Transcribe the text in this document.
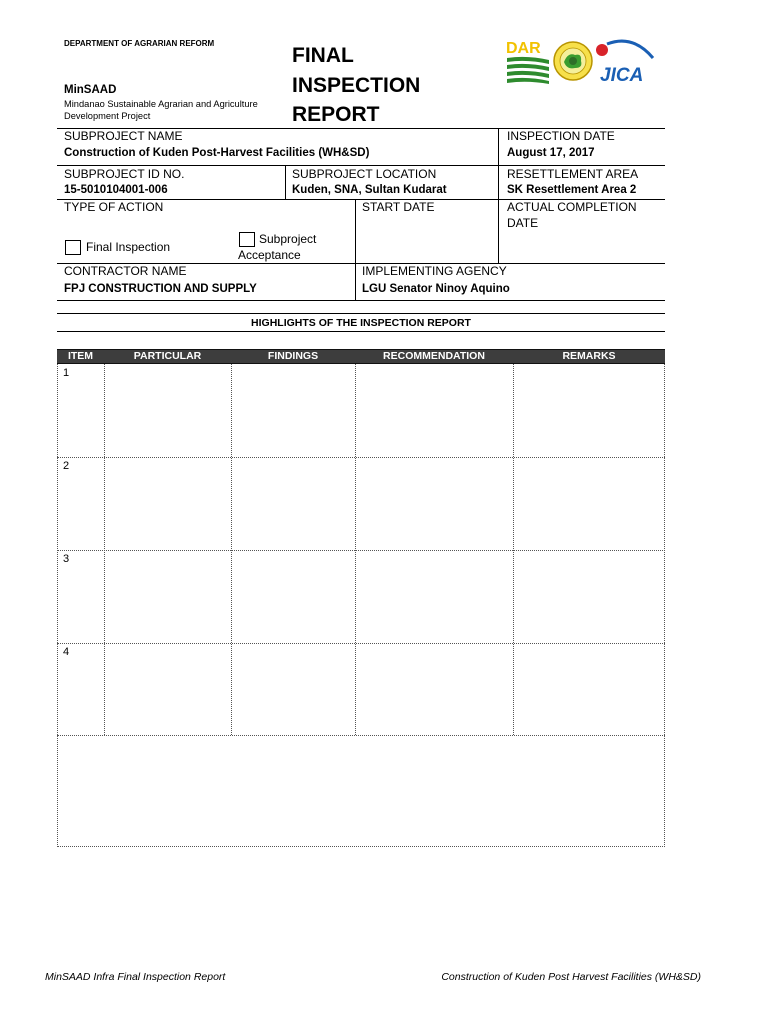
DEPARTMENT OF AGRARIAN REFORM
MinSAAD
Mindanao Sustainable Agrarian and Agriculture Development Project
FINAL
INSPECTION
REPORT
DAR
JICA
SUBPROJECT NAME
Construction of Kuden Post-Harvest Facilities (WH&SD)
INSPECTION DATE
August 17, 2017
SUBPROJECT ID NO.
15-5010104001-006
SUBPROJECT LOCATION
Kuden, SNA, Sultan Kudarat
RESETTLEMENT AREA
SK Resettlement Area 2
TYPE OF ACTION
Final Inspection
Subproject
Acceptance
START DATE	ACTUAL COMPLETION
DATE
CONTRACTOR NAME
FPJ CONSTRUCTION AND SUPPLY
IMPLEMENTING AGENCY
LGU Senator Ninoy Aquino
HIGHLIGHTS OF THE INSPECTION REPORT
ITEM	PARTICULAR	FINDINGS	RECOMMENDATION	REMARKS
1
2
3
4
MinSAAD Infra Final Inspection Report	Construction of Kuden Post Harvest Facilities (WH&SD)
